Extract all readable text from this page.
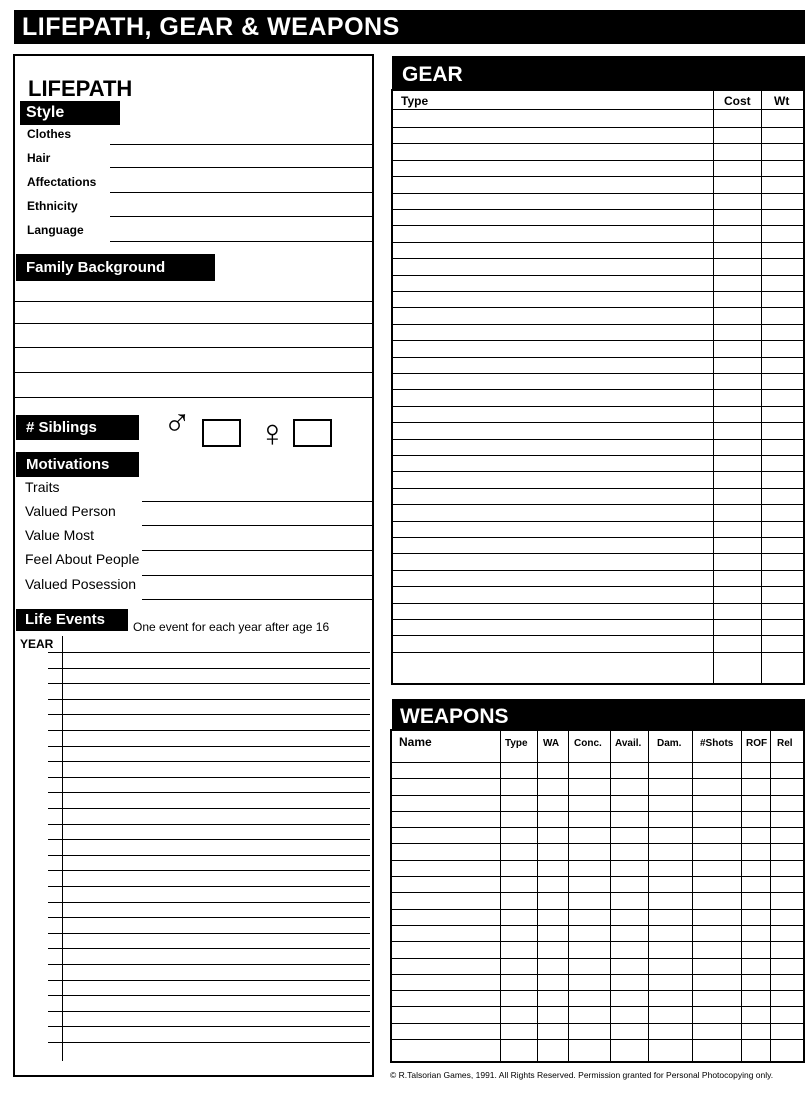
LIFEPATH, GEAR & WEAPONS
LIFEPATH
Style
Clothes
Hair
Affectations
Ethnicity
Language
Family Background
# Siblings	♂ ♀
Motivations
Traits
Valued Person
Value Most
Feel About People
Valued Posession
Life Events	One event for each year after age 16
YEAR
GEAR
Type	Cost Wt
WEAPONS
Name	Type WA Conc. Avail. Dam. #Shots ROF Rel
© R.Talsorian Games, 1991. All Rights Reserved. Permission granted for Personal Photocopying only.
